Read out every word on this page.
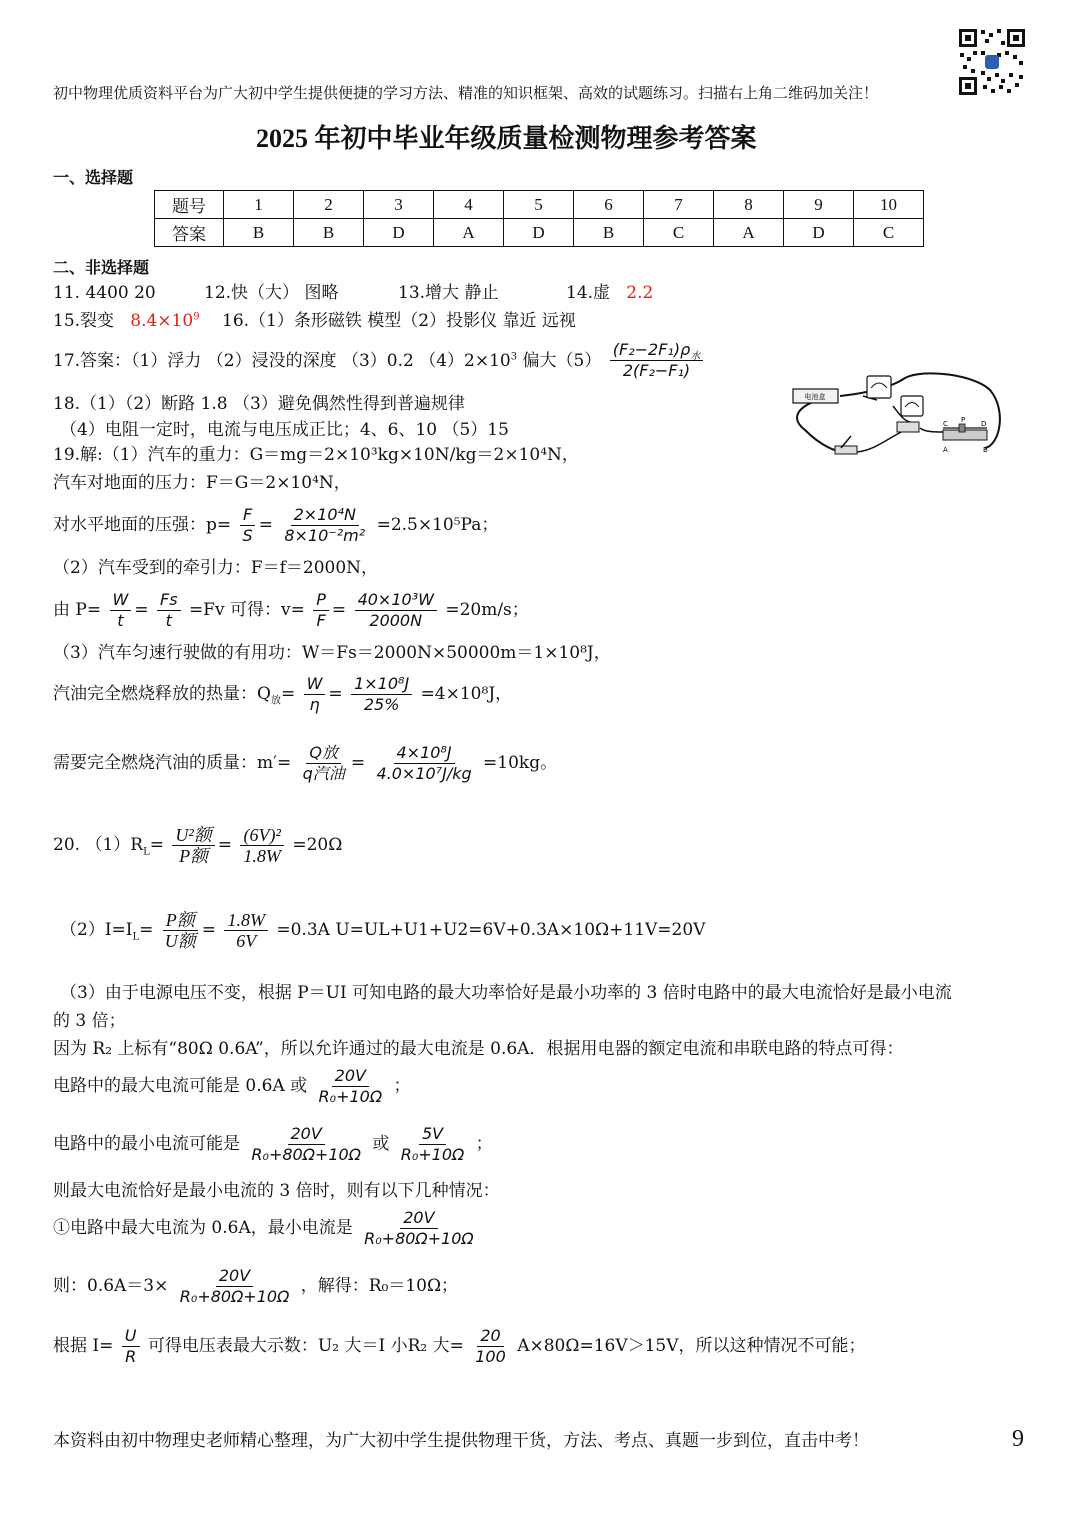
初中物理优质资料平台为广大初中学生提供便捷的学习方法、精准的知识框架、高效的试题练习。扫描右上角二维码加关注！
2025 年初中毕业年级质量检测物理参考答案
一、选择题
题号	1	2	3	4	5	6	7	8	9	10
答案	B	B	D	A	D	B	C	A	D	C
二、非选择题
11. 4400 20	12.快（大） 图略	13.增大 静止	14.虚 2.2
15.裂变 $8.4\times 10^9$ 16.（1）条形磁铁 模型（2）投影仪 靠近 远视
17.答案：（1）浮力 （2）浸没的深度 （3）0.2 $(4)2\times 10^3$ 偏大$(5) \frac{(F_2-2F_1)\rho_水}{\text{2(F₂−F₁)}}$
18.（1）（2）断路 1.8 （3）避免偶然性得到普遍规律
（4）电阻一定时，电流与电压成正比；4、6、10 （5）15
电池盒
C P D
A	B
19.解:（1）汽车的重力：G＝mg＝2×10³kg×10N/kg＝2×10⁴N，
汽车对地面的压力：F＝G＝2×10⁴N，
对水平地面的压强：$p= \frac{F}{S} = \frac{\text{2×10⁴N}}{\text{8×10⁻²m²}} =2.5\times 10^5Pa$；
（2）汽车受到的牵引力：F＝f＝2000N，
由 $P= \frac{W}{t} = \frac{Fs}{t} =Fv$ 可得：$v= \frac{P}{F} = \frac{\text{40×10³W}}{2000N} =20m/s$；
（3）汽车匀速行驶做的有用功：W＝Fs＝2000N×50000m＝1×10⁸J，
汽油完全燃烧释放的热量：$Q_放= \frac{W}{\eta} = \frac{\text{1×10⁸J}}{25\%} =4\times 10^8J$，
需要完全燃烧汽油的质量：$m'= \frac{\text{Q放}}{\text{q汽油}} = \frac{\text{4×10⁸J}}{\text{4.0×10⁷J/kg}} =10kg$。
20. $(1)R_L= \frac{\text{U²额}}{\text{P额}} = \frac{\text{(6V)²}}{1.8W} =20\Omega$
$(2)I=I_L= \frac{\text{P额}}{\text{U额}} = \frac{1.8W}{6V} =0.3A$ U=UL+U1+U2=6V+0.3A×10Ω+11V=20V
（3）由于电源电压不变，根据 P＝UI 可知电路的最大功率恰好是最小功率的 3 倍时电路中的最大电流恰好是最小电流
的 3 倍；
因为 R₂ 上标有“80Ω 0.6A”，所以允许通过的最大电流是 0.6A．根据用电器的额定电流和串联电路的特点可得：
电路中的最大电流可能是 0.6A 或 $\frac{20V}{\text{R₀+10Ω}}$ ；
电路中的最小电流可能是 $\frac{20V}{\text{R₀+80Ω+10Ω}}$ 或 $\frac{5V}{\text{R₀+10Ω}}$ ；
则最大电流恰好是最小电流的 3 倍时，则有以下几种情况：
①电路中最大电流为 0.6A，最小电流是 $\frac{20V}{\text{R₀+80Ω+10Ω}}$
则：$0.6A=3\times \frac{20V}{\text{R₀+80Ω+10Ω}}$ ，解得：R₀＝10Ω；
根据 $I= \frac{U}{R}$ 可得电压表最大示数：U₂ 大＝I 小R₂ 大= $\frac{20}{100} A\times 80\Omega=16V>15V$，所以这种情况不可能；
本资料由初中物理史老师精心整理，为广大初中学生提供物理干货，方法、考点、真题一步到位，直击中考！	9
